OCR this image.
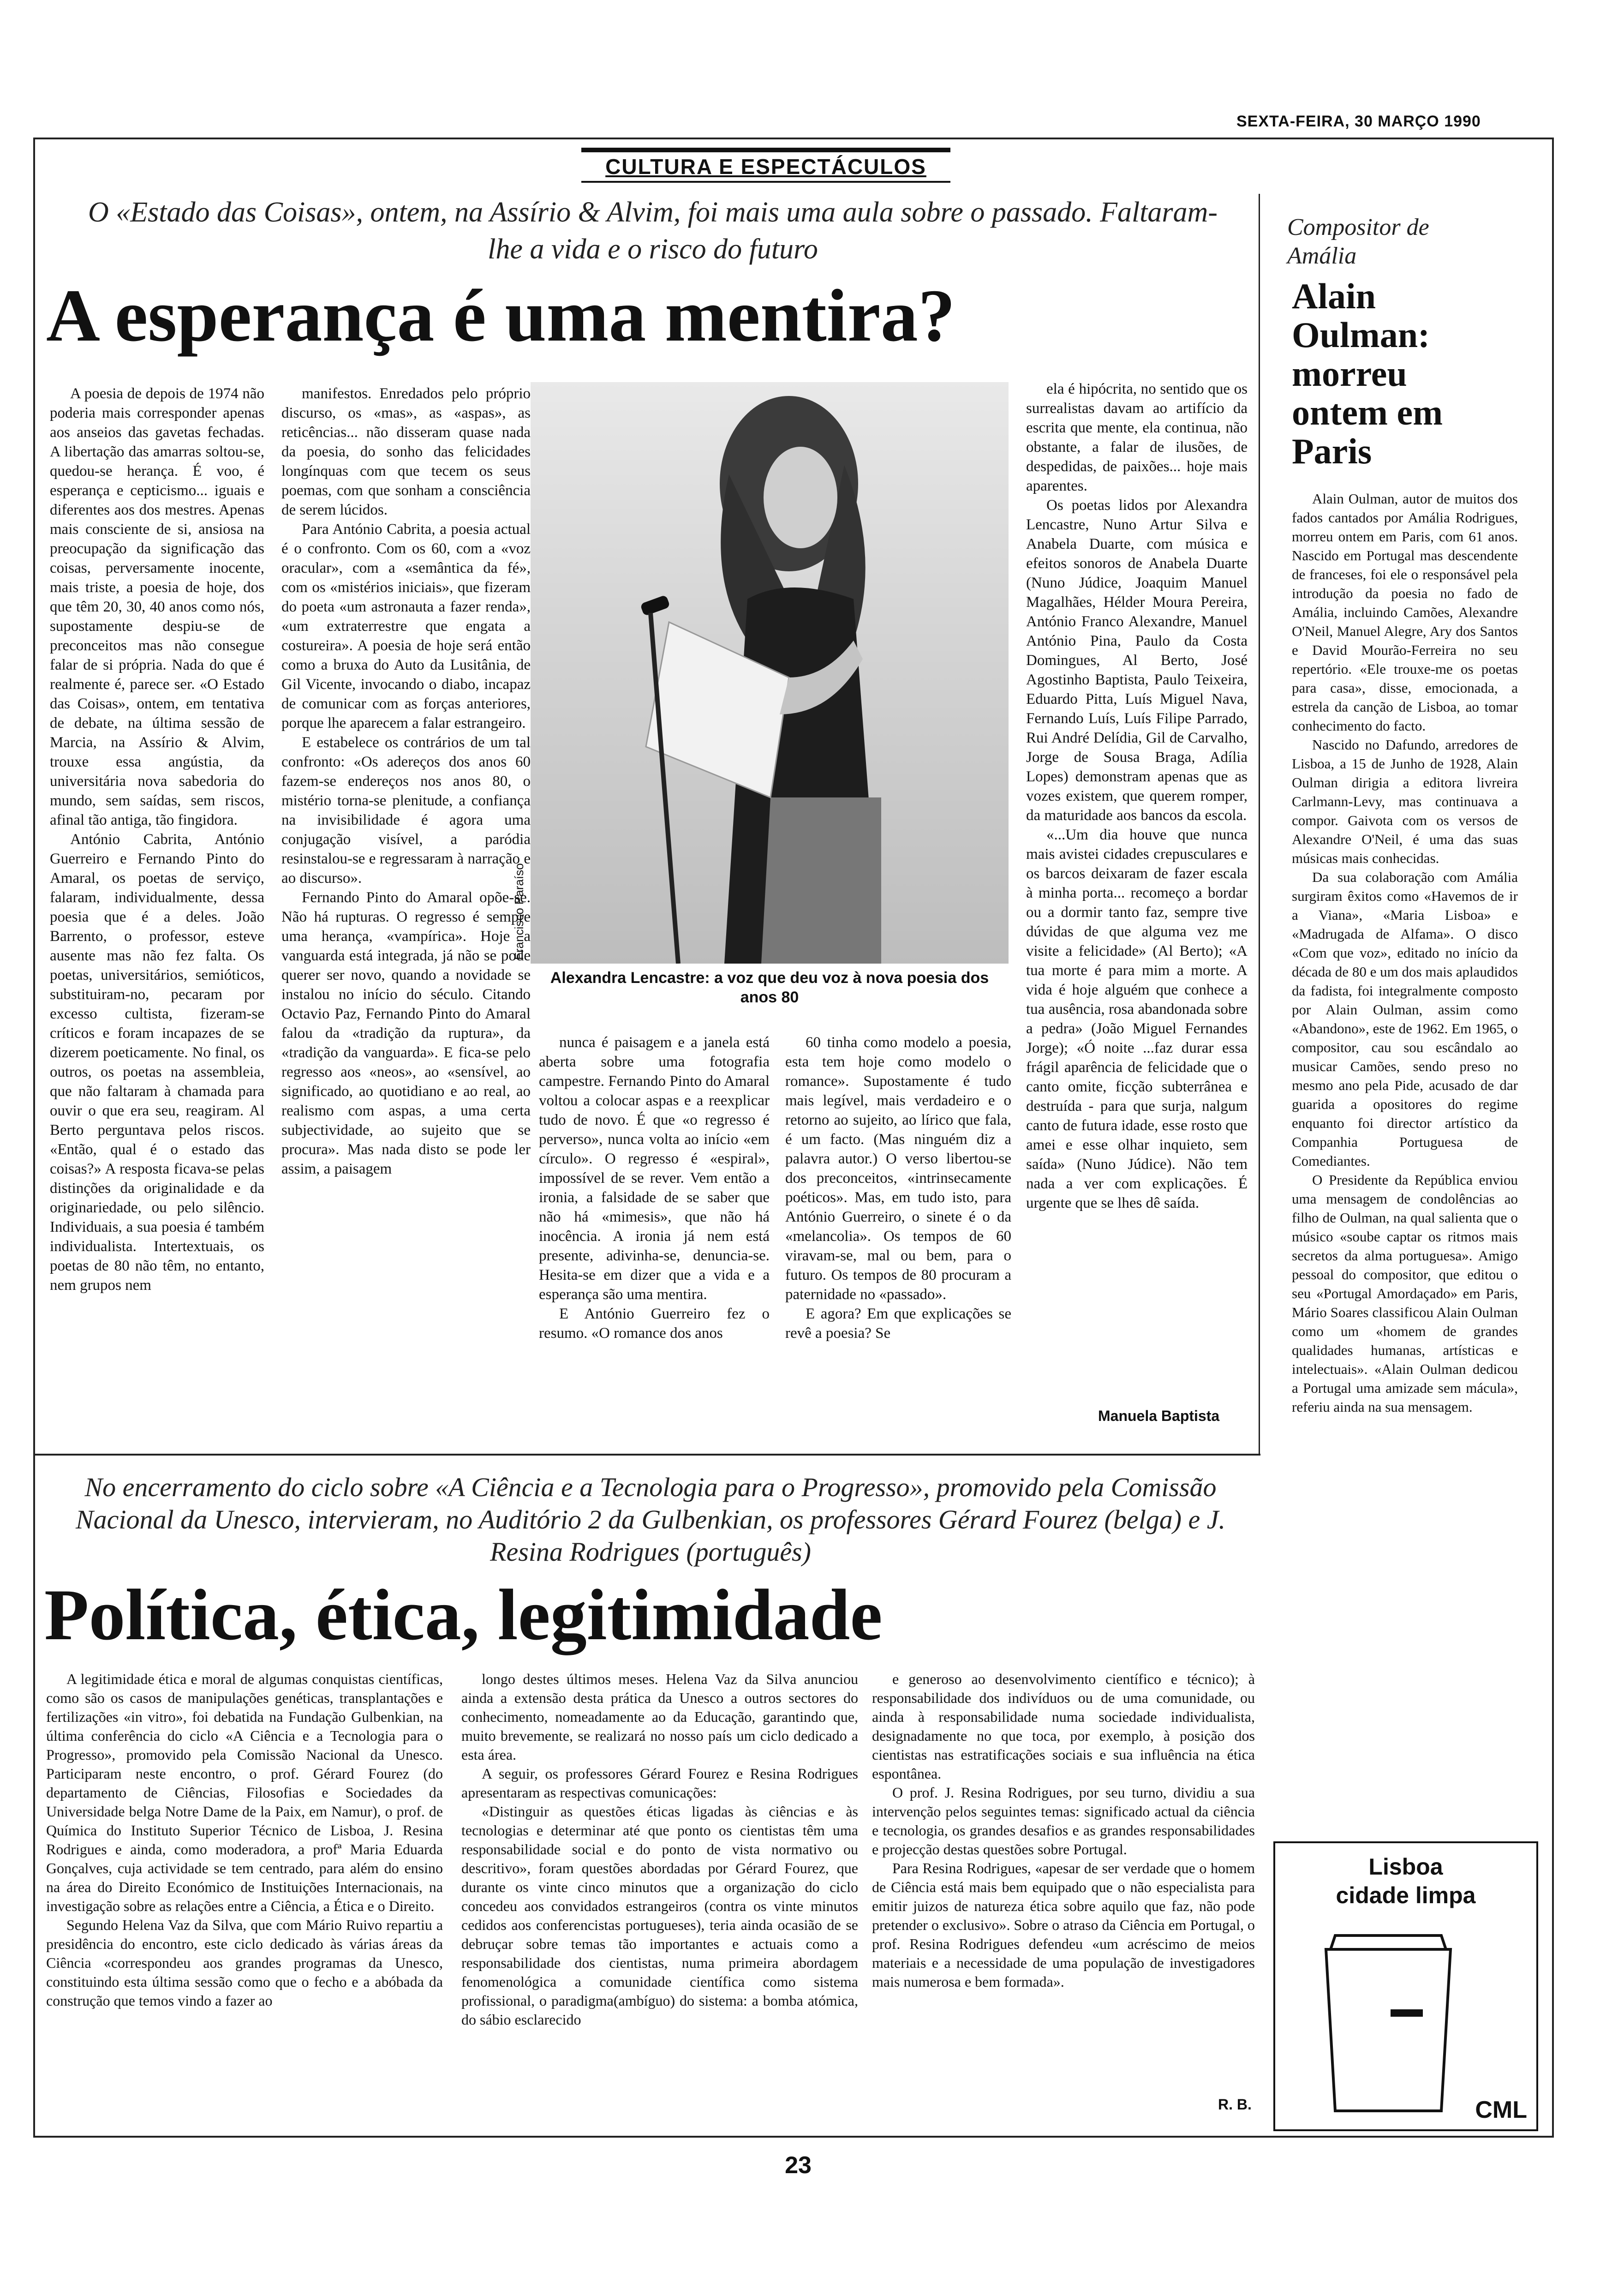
SEXTA-FEIRA, 30 MARÇO 1990
CULTURA E ESPECTÁCULOS

O «Estado das Coisas», ontem, na Assírio & Alvim, foi mais uma aula sobre o passado. Faltaram-lhe a vida e o risco do futuro

A esperança é uma mentira?

A poesia de depois de 1974 não poderia mais corresponder apenas aos anseios das gavetas fechadas. A libertação das amarras soltou-se, quedou-se herança. É voo, é esperança e cepticismo... iguais e diferentes aos dos mestres. Apenas mais consciente de si, ansiosa na preocupação da significação das coisas, perversamente inocente, mais triste, a poesia de hoje, dos que têm 20, 30, 40 anos como nós, supostamente despiu-se de preconceitos mas não consegue falar de si própria. Nada do que é realmente é, parece ser. «O Estado das Coisas», ontem, em tentativa de debate, na última sessão de Marcia, na Assírio & Alvim, trouxe essa angústia, da universitária nova sabedoria do mundo, sem saídas, sem riscos, afinal tão antiga, tão fingidora.

António Cabrita, António Guerreiro e Fernando Pinto do Amaral, os poetas de serviço, falaram, individualmente, dessa poesia que é a deles. João Barrento, o professor, esteve ausente mas não fez falta. Os poetas, universitários, semióticos, substituiram-no, pecaram por excesso cultista, fizeram-se críticos e foram incapazes de se dizerem poeticamente. No final, os outros, os poetas na assembleia, que não faltaram à chamada para ouvir o que era seu, reagiram. Al Berto perguntava pelos riscos. «Então, qual é o estado das coisas?» A resposta ficava-se pelas distinções da originalidade e da originariedade, ou pelo silêncio. Individuais, a sua poesia é também individualista. Intertextuais, os poetas de 80 não têm, no entanto, nem grupos nem

manifestos. Enredados pelo próprio discurso, os «mas», as «aspas», as reticências... não disseram quase nada da poesia, do sonho das felicidades longínquas com que tecem os seus poemas, com que sonham a consciência de serem lúcidos.

Para António Cabrita, a poesia actual é o confronto. Com os 60, com a «voz oracular», com a «semântica da fé», com os «mistérios iniciais», que fizeram do poeta «um astronauta a fazer renda», «um extraterrestre que engata a costureira». A poesia de hoje será então como a bruxa do Auto da Lusitânia, de Gil Vicente, invocando o diabo, incapaz de comunicar com as forças anteriores, porque lhe aparecem a falar estrangeiro.

E estabelece os contrários de um tal confronto: «Os adereços dos anos 60 fazem-se endereços nos anos 80, o mistério torna-se plenitude, a confiança na invisibilidade é agora uma conjugação visível, a paródia resinstalou-se e regressaram à narração e ao discurso».

Fernando Pinto do Amaral opõe-se. Não há rupturas. O regresso é sempre uma herança, «vampírica». Hoje a vanguarda está integrada, já não se pode querer ser novo, quando a novidade se instalou no início do século. Citando Octavio Paz, Fernando Pinto do Amaral falou da «tradição da ruptura», da «tradição da vanguarda». E fica-se pelo regresso aos «neos», ao «sensível, ao significado, ao quotidiano e ao real, ao realismo com aspas, a uma certa subjectividade, ao sujeito que se procura». Mas nada disto se pode ler assim, a paisagem

Francisco Paraíso
Alexandra Lencastre: a voz que deu voz à nova poesia dos anos 80

nunca é paisagem e a janela está aberta sobre uma fotografia campestre. Fernando Pinto do Amaral voltou a colocar aspas e a reexplicar tudo de novo. É que «o regresso é perverso», nunca volta ao início «em círculo». O regresso é «espiral», impossível de se rever. Vem então a ironia, a falsidade de se saber que não há «mimesis», que não há inocência. A ironia já nem está presente, adivinha-se, denuncia-se. Hesita-se em dizer que a vida e a esperança são uma mentira.

E António Guerreiro fez o resumo. «O romance dos anos

60 tinha como modelo a poesia, esta tem hoje como modelo o romance». Supostamente é tudo mais legível, mais verdadeiro e o retorno ao sujeito, ao lírico que fala, é um facto. (Mas ninguém diz a palavra autor.) O verso libertou-se dos preconceitos, «intrinsecamente poéticos». Mas, em tudo isto, para António Guerreiro, o sinete é o da «melancolia». Os tempos de 60 viravam-se, mal ou bem, para o futuro. Os tempos de 80 procuram a paternidade no «passado».

E agora? Em que explicações se revê a poesia? Se

ela é hipócrita, no sentido que os surrealistas davam ao artifício da escrita que mente, ela continua, não obstante, a falar de ilusões, de despedidas, de paixões... hoje mais aparentes.

Os poetas lidos por Alexandra Lencastre, Nuno Artur Silva e Anabela Duarte, com música e efeitos sonoros de Anabela Duarte (Nuno Júdice, Joaquim Manuel Magalhães, Hélder Moura Pereira, António Franco Alexandre, Manuel António Pina, Paulo da Costa Domingues, Al Berto, José Agostinho Baptista, Paulo Teixeira, Eduardo Pitta, Luís Miguel Nava, Fernando Luís, Luís Filipe Parrado, Rui André Delídia, Gil de Carvalho, Jorge de Sousa Braga, Adília Lopes) demonstram apenas que as vozes existem, que querem romper, da maturidade aos bancos da escola.

«...Um dia houve que nunca mais avistei cidades crepusculares e os barcos deixaram de fazer escala à minha porta... recomeço a bordar ou a dormir tanto faz, sempre tive dúvidas de que alguma vez me visite a felicidade» (Al Berto); «A tua morte é para mim a morte. A vida é hoje alguém que conhece a tua ausência, rosa abandonada sobre a pedra» (João Miguel Fernandes Jorge); «Ó noite ...faz durar essa frágil aparência de felicidade que o canto omite, ficção subterrânea e destruída - para que surja, nalgum canto de futura idade, esse rosto que amei e esse olhar inquieto, sem saída» (Nuno Júdice). Não tem nada a ver com explicações. É urgente que se lhes dê saída.

Manuela Baptista
Compositor de Amália
Alain Oulman: morreu ontem em Paris

Alain Oulman, autor de muitos dos fados cantados por Amália Rodrigues, morreu ontem em Paris, com 61 anos. Nascido em Portugal mas descendente de franceses, foi ele o responsável pela introdução da poesia no fado de Amália, incluindo Camões, Alexandre O'Neil, Manuel Alegre, Ary dos Santos e David Mourão-Ferreira no seu repertório. «Ele trouxe-me os poetas para casa», disse, emocionada, a estrela da canção de Lisboa, ao tomar conhecimento do facto.

Nascido no Dafundo, arredores de Lisboa, a 15 de Junho de 1928, Alain Oulman dirigia a editora livreira Carlmann-Levy, mas continuava a compor. Gaivota com os versos de Alexandre O'Neil, é uma das suas músicas mais conhecidas.

Da sua colaboração com Amália surgiram êxitos como «Havemos de ir a Viana», «Maria Lisboa» e «Madrugada de Alfama». O disco «Com que voz», editado no início da década de 80 e um dos mais aplaudidos da fadista, foi integralmente composto por Alain Oulman, assim como «Abandono», este de 1962. Em 1965, o compositor, cau sou escândalo ao musicar Camões, sendo preso no mesmo ano pela Pide, acusado de dar guarida a opositores do regime enquanto foi director artístico da Companhia Portuguesa de Comediantes.

O Presidente da República enviou uma mensagem de condolências ao filho de Oulman, na qual salienta que o músico «soube captar os ritmos mais secretos da alma portuguesa». Amigo pessoal do compositor, que editou o seu «Portugal Amordaçado» em Paris, Mário Soares classificou Alain Oulman como um «homem de grandes qualidades humanas, artísticas e intelectuais». «Alain Oulman dedicou a Portugal uma amizade sem mácula», referiu ainda na sua mensagem.

Lisboa
cidade limpa
CML

No encerramento do ciclo sobre «A Ciência e a Tecnologia para o Progresso», promovido pela Comissão Nacional da Unesco, intervieram, no Auditório 2 da Gulbenkian, os professores Gérard Fourez (belga) e J. Resina Rodrigues (português)

Política, ética, legitimidade

A legitimidade ética e moral de algumas conquistas científicas, como são os casos de manipulações genéticas, transplantações e fertilizações «in vitro», foi debatida na Fundação Gulbenkian, na última conferência do ciclo «A Ciência e a Tecnologia para o Progresso», promovido pela Comissão Nacional da Unesco. Participaram neste encontro, o prof. Gérard Fourez (do departamento de Ciências, Filosofias e Sociedades da Universidade belga Notre Dame de la Paix, em Namur), o prof. de Química do Instituto Superior Técnico de Lisboa, J. Resina Rodrigues e ainda, como moderadora, a profª Maria Eduarda Gonçalves, cuja actividade se tem centrado, para além do ensino na área do Direito Económico de Instituições Internacionais, na investigação sobre as relações entre a Ciência, a Ética e o Direito.

Segundo Helena Vaz da Silva, que com Mário Ruivo repartiu a presidência do encontro, este ciclo dedicado às várias áreas da Ciência «correspondeu aos grandes programas da Unesco, constituindo esta última sessão como que o fecho e a abóbada da construção que temos vindo a fazer ao

longo destes últimos meses. Helena Vaz da Silva anunciou ainda a extensão desta prática da Unesco a outros sectores do conhecimento, nomeadamente ao da Educação, garantindo que, muito brevemente, se realizará no nosso país um ciclo dedicado a esta área.

A seguir, os professores Gérard Fourez e Resina Rodrigues apresentaram as respectivas comunicações:

«Distinguir as questões éticas ligadas às ciências e às tecnologias e determinar até que ponto os cientistas têm uma responsabilidade social e do ponto de vista normativo ou descritivo», foram questões abordadas por Gérard Fourez, que durante os vinte cinco minutos que a organização do ciclo concedeu aos convidados estrangeiros (contra os vinte minutos cedidos aos conferencistas portugueses), teria ainda ocasião de se debruçar sobre temas tão importantes e actuais como a responsabilidade dos cientistas, numa primeira abordagem fenomenológica a comunidade científica como sistema profissional, o paradigma(ambíguo) do sistema: a bomba atómica, do sábio esclarecido

e generoso ao desenvolvimento científico e técnico); à responsabilidade dos indivíduos ou de uma comunidade, ou ainda à responsabilidade numa sociedade individualista, designadamente no que toca, por exemplo, à posição dos cientistas nas estratificações sociais e sua influência na ética espontânea.

O prof. J. Resina Rodrigues, por seu turno, dividiu a sua intervenção pelos seguintes temas: significado actual da ciência e tecnologia, os grandes desafios e as grandes responsabilidades e projecção destas questões sobre Portugal.

Para Resina Rodrigues, «apesar de ser verdade que o homem de Ciência está mais bem equipado que o não especialista para emitir juizos de natureza ética sobre aquilo que faz, não pode pretender o exclusivo». Sobre o atraso da Ciência em Portugal, o prof. Resina Rodrigues defendeu «um acréscimo de meios materiais e a necessidade de uma população de investigadores mais numerosa e bem formada».

R. B.
23
